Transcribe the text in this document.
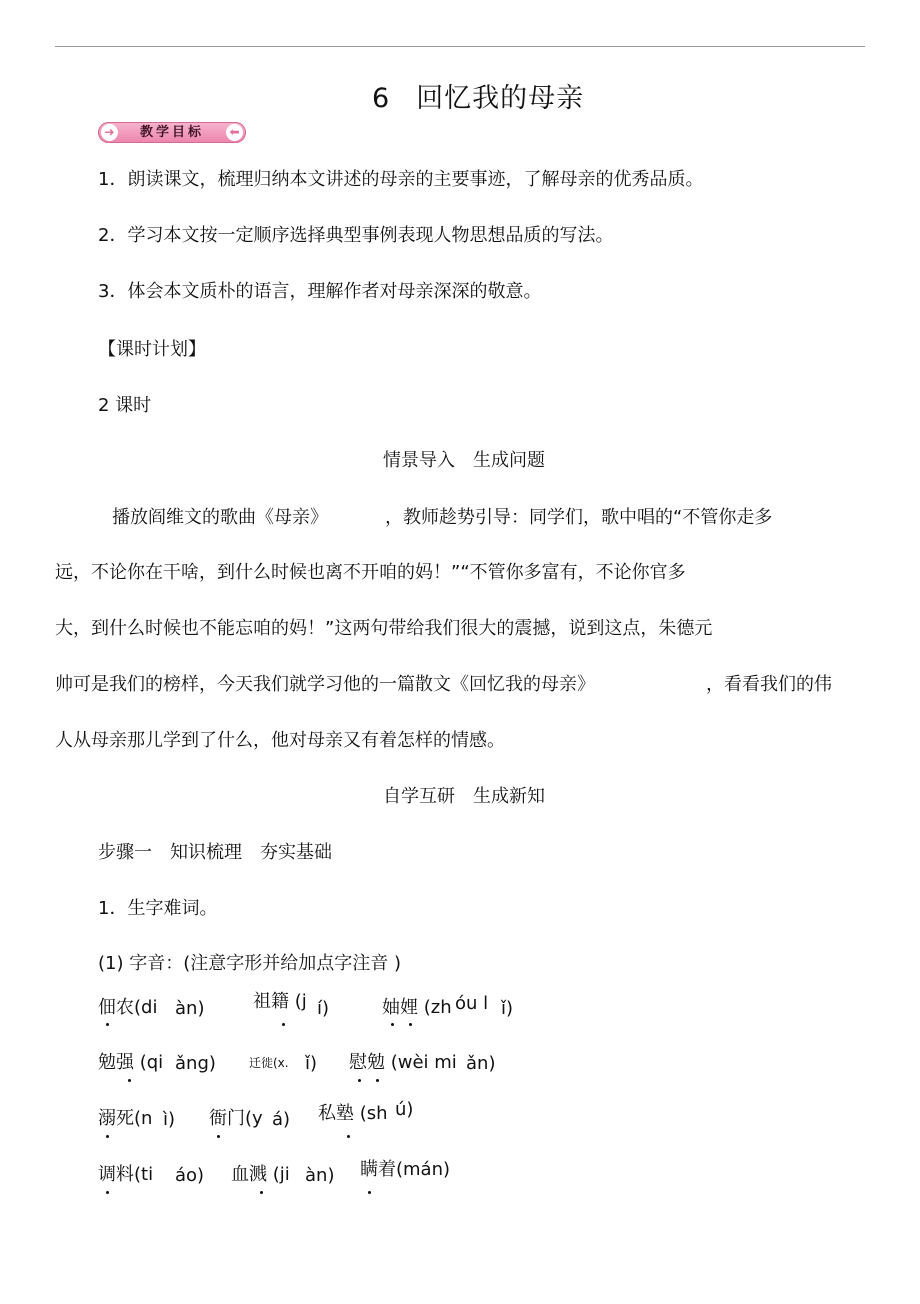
6 回忆我的母亲
➜	教学目标	⬅
1．朗读课文，梳理归纳本文讲述的母亲的主要事迹，了解母亲的优秀品质。
2．学习本文按一定顺序选择典型事例表现人物思想品质的写法。
3．体会本文质朴的语言，理解作者对母亲深深的敬意。
【课时计划】
2 课时
情景导入　生成问题
播放阎维文的歌曲《母亲》	，教师趁势引导：同学们，歌中唱的“不管你走多
远，不论你在干啥，到什么时候也离不开咱的妈！”“不管你多富有，不论你官多
大，到什么时候也不能忘咱的妈！”这两句带给我们很大的震撼，说到这点，朱德元
帅可是我们的榜样，今天我们就学习他的一篇散文《回忆我的母亲》	，看看我们的伟
人从母亲那儿学到了什么，他对母亲又有着怎样的情感。
自学互研　生成新知
步骤一　知识梳理　夯实基础
1．生字难词。
(1) 字音：(注意字形并给加点字注音 )
佃农(di àn)	祖籍 (j í)	妯娌 (zh óu l ǐ)
勉强 (qi ǎng)	迁徙(x. ǐ) 慰勉 (wèi mi ǎn)
溺死(n ì) 衙门(y á) 私塾 (sh ú)
调料(ti áo) 血溅 (ji àn) 瞒着(mán)
